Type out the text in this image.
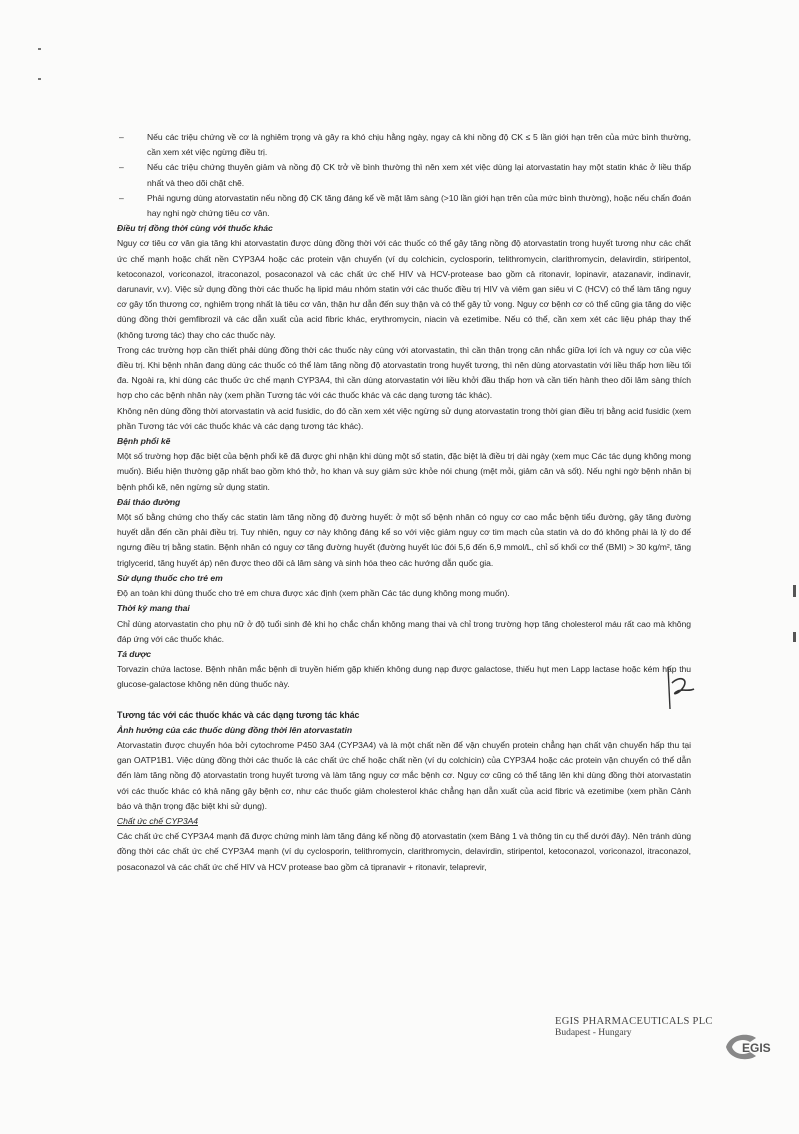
–	Nếu các triệu chứng về cơ là nghiêm trọng và gây ra khó chịu hằng ngày, ngay cả khi nồng độ CK ≤ 5 lần giới hạn trên của mức bình thường, cần xem xét việc ngừng điều trị.
–	Nếu các triệu chứng thuyên giảm và nồng độ CK trở về bình thường thì nên xem xét việc dùng lại atorvastatin hay một statin khác ở liều thấp nhất và theo dõi chặt chẽ.
–	Phải ngưng dùng atorvastatin nếu nồng độ CK tăng đáng kể về mặt lâm sàng (>10 lần giới hạn trên của mức bình thường), hoặc nếu chẩn đoán hay nghi ngờ chứng tiêu cơ vân.
Điều trị đồng thời cùng với thuốc khác

Nguy cơ tiêu cơ vân gia tăng khi atorvastatin được dùng đồng thời với các thuốc có thể gây tăng nồng độ atorvastatin trong huyết tương như các chất ức chế mạnh hoặc chất nền CYP3A4 hoặc các protein vận chuyển (ví dụ colchicin, cyclosporin, telithromycin, clarithromycin, delavirdin, stiripentol, ketoconazol, voriconazol, itraconazol, posaconazol và các chất ức chế HIV và HCV-protease bao gồm cả ritonavir, lopinavir, atazanavir, indinavir, darunavir, v.v). Việc sử dụng đồng thời các thuốc hạ lipid máu nhóm statin với các thuốc điều trị HIV và viêm gan siêu vi C (HCV) có thể làm tăng nguy cơ gây tổn thương cơ, nghiêm trọng nhất là tiêu cơ vân, thận hư dẫn đến suy thận và có thể gây tử vong. Nguy cơ bệnh cơ có thể cũng gia tăng do việc dùng đồng thời gemfibrozil và các dẫn xuất của acid fibric khác, erythromycin, niacin và ezetimibe. Nếu có thể, cần xem xét các liệu pháp thay thế (không tương tác) thay cho các thuốc này.

Trong các trường hợp cần thiết phải dùng đồng thời các thuốc này cùng với atorvastatin, thì cần thận trọng cân nhắc giữa lợi ích và nguy cơ của việc điều trị. Khi bệnh nhân đang dùng các thuốc có thể làm tăng nồng độ atorvastatin trong huyết tương, thì nên dùng atorvastatin với liều thấp hơn liều tối đa. Ngoài ra, khi dùng các thuốc ức chế mạnh CYP3A4, thì cần dùng atorvastatin với liều khởi đầu thấp hơn và cần tiến hành theo dõi lâm sàng thích hợp cho các bệnh nhân này (xem phần Tương tác với các thuốc khác và các dạng tương tác khác).

Không nên dùng đồng thời atorvastatin và acid fusidic, do đó cần xem xét việc ngừng sử dụng atorvastatin trong thời gian điều trị bằng acid fusidic (xem phần Tương tác với các thuốc khác và các dạng tương tác khác).

Bệnh phổi kẽ

Một số trường hợp đặc biệt của bệnh phổi kẽ đã được ghi nhận khi dùng một số statin, đặc biệt là điều trị dài ngày (xem mục Các tác dụng không mong muốn). Biểu hiện thường gặp nhất bao gồm khó thở, ho khan và suy giảm sức khỏe nói chung (mệt mỏi, giảm cân và sốt). Nếu nghi ngờ bệnh nhân bị bệnh phổi kẽ, nên ngừng sử dụng statin.

Đái tháo đường

Một số bằng chứng cho thấy các statin làm tăng nồng độ đường huyết: ở một số bệnh nhân có nguy cơ cao mắc bệnh tiểu đường, gây tăng đường huyết dẫn đến cần phải điều trị. Tuy nhiên, nguy cơ này không đáng kể so với việc giảm nguy cơ tim mạch của statin và do đó không phải là lý do để ngưng điều trị bằng statin. Bệnh nhân có nguy cơ tăng đường huyết (đường huyết lúc đói 5,6 đến 6,9 mmol/L, chỉ số khối cơ thể (BMI) > 30 kg/m², tăng triglycerid, tăng huyết áp) nên được theo dõi cả lâm sàng và sinh hóa theo các hướng dẫn quốc gia.

Sử dụng thuốc cho trẻ em

Độ an toàn khi dùng thuốc cho trẻ em chưa được xác định (xem phần Các tác dụng không mong muốn).

Thời kỳ mang thai

Chỉ dùng atorvastatin cho phụ nữ ở độ tuổi sinh đẻ khi họ chắc chắn không mang thai và chỉ trong trường hợp tăng cholesterol máu rất cao mà không đáp ứng với các thuốc khác.

Tá dược

Torvazin chứa lactose. Bệnh nhân mắc bệnh di truyền hiếm gặp khiến không dung nạp được galactose, thiếu hụt men Lapp lactase hoặc kém hấp thu glucose-galactose không nên dùng thuốc này.

Tương tác với các thuốc khác và các dạng tương tác khác
Ảnh hưởng của các thuốc dùng đồng thời lên atorvastatin

Atorvastatin được chuyển hóa bởi cytochrome P450 3A4 (CYP3A4) và là một chất nền để vận chuyển protein chẳng hạn chất vận chuyển hấp thu tại gan OATP1B1. Việc dùng đồng thời các thuốc là các chất ức chế hoặc chất nền (ví dụ colchicin) của CYP3A4 hoặc các protein vận chuyển có thể dẫn đến làm tăng nồng độ atorvastatin trong huyết tương và làm tăng nguy cơ mắc bệnh cơ. Nguy cơ cũng có thể tăng lên khi dùng đồng thời atorvastatin với các thuốc khác có khả năng gây bệnh cơ, như các thuốc giảm cholesterol khác chẳng hạn dẫn xuất của acid fibric và ezetimibe (xem phần Cảnh báo và thận trọng đặc biệt khi sử dụng).

Chất ức chế CYP3A4

Các chất ức chế CYP3A4 mạnh đã được chứng minh làm tăng đáng kể nồng độ atorvastatin (xem Bảng 1 và thông tin cụ thể dưới đây). Nên tránh dùng đồng thời các chất ức chế CYP3A4 mạnh (ví dụ cyclosporin, telithromycin, clarithromycin, delavirdin, stiripentol, ketoconazol, voriconazol, itraconazol, posaconazol và các chất ức chế HIV và HCV protease bao gồm cả tipranavir + ritonavir, telaprevir,

EGIS PHARMACEUTICALS PLC
Budapest - Hungary
EGIS
